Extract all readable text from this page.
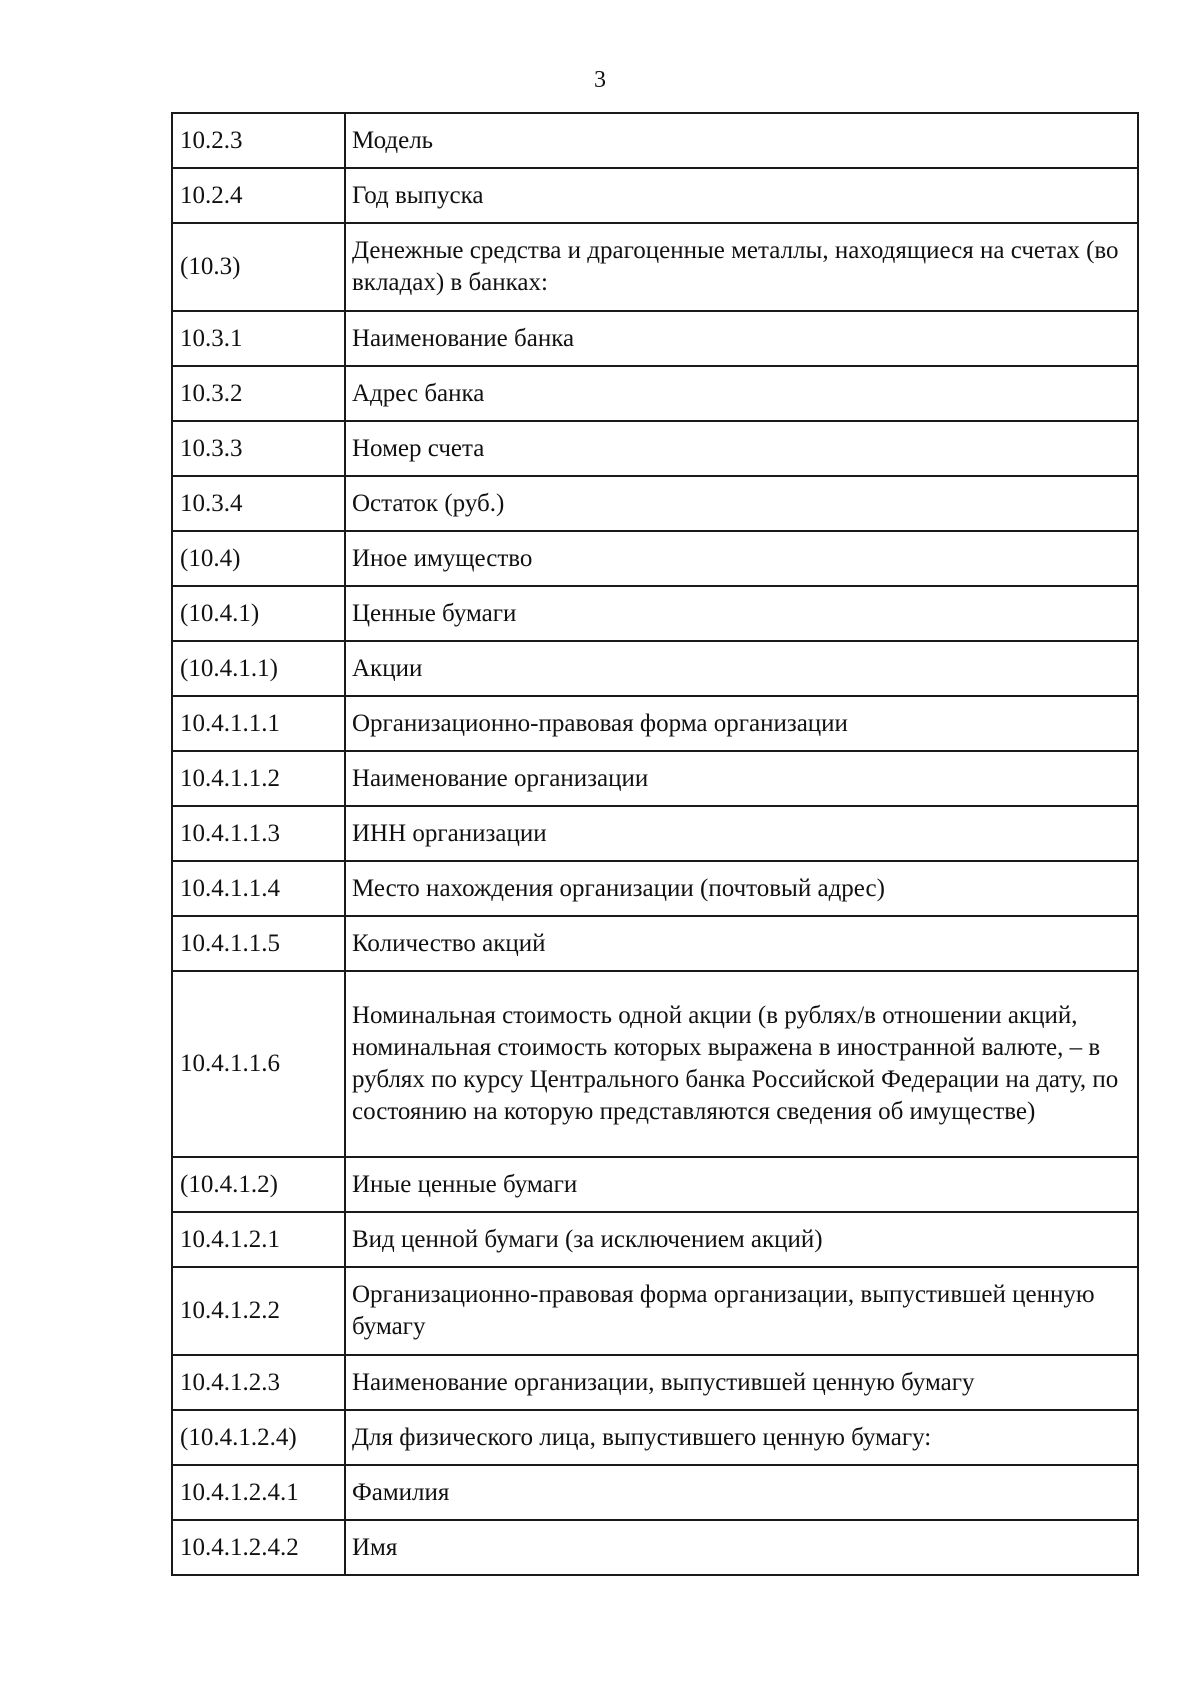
3
10.2.3	Модель
10.2.4	Год выпуска
(10.3)	Денежные средства и драгоценные металлы, находящиеся на счетах (во вкладах) в банках:
10.3.1	Наименование банка
10.3.2	Адрес банка
10.3.3	Номер счета
10.3.4	Остаток (руб.)
(10.4)	Иное имущество
(10.4.1)	Ценные бумаги
(10.4.1.1)	Акции
10.4.1.1.1	Организационно-правовая форма организации
10.4.1.1.2	Наименование организации
10.4.1.1.3	ИНН организации
10.4.1.1.4	Место нахождения организации (почтовый адрес)
10.4.1.1.5	Количество акций
10.4.1.1.6	Номинальная стоимость одной акции (в рублях/в отношении акций, номинальная стоимость которых выражена в иностранной валюте, – в рублях по курсу Центрального банка Российской Федерации на дату, по состоянию на которую представляются сведения об имуществе)
(10.4.1.2)	Иные ценные бумаги
10.4.1.2.1	Вид ценной бумаги (за исключением акций)
10.4.1.2.2	Организационно-правовая форма организации, выпустившей ценную бумагу
10.4.1.2.3	Наименование организации, выпустившей ценную бумагу
(10.4.1.2.4)	Для физического лица, выпустившего ценную бумагу:
10.4.1.2.4.1	Фамилия
10.4.1.2.4.2	Имя
